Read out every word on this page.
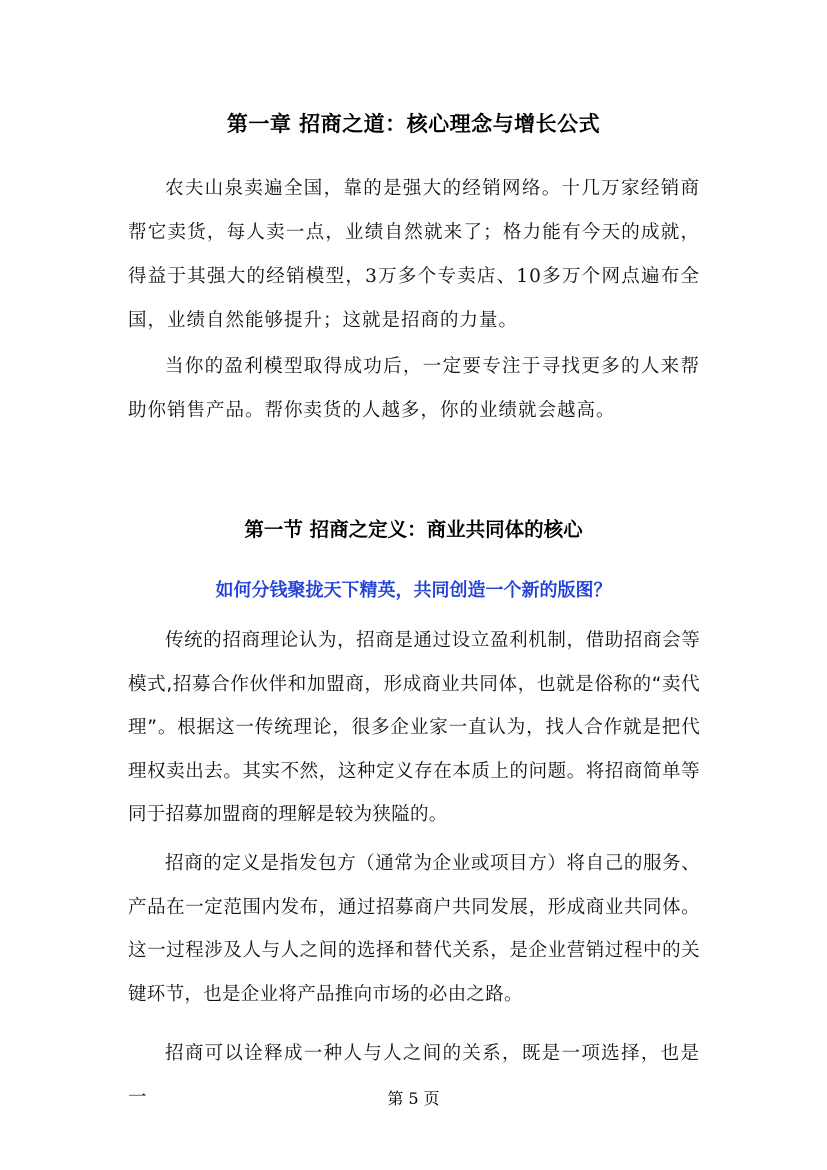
第一章 招商之道：核心理念与增长公式

农夫山泉卖遍全国，靠的是强大的经销网络。十几万家经销商帮它卖货，每人卖一点，业绩自然就来了；格力能有今天的成就，得益于其强大的经销模型，3万多个专卖店、10多万个网点遍布全国，业绩自然能够提升；这就是招商的力量。

当你的盈利模型取得成功后，一定要专注于寻找更多的人来帮助你销售产品。帮你卖货的人越多，你的业绩就会越高。

第一节 招商之定义：商业共同体的核心
如何分钱聚拢天下精英，共同创造一个新的版图？

传统的招商理论认为，招商是通过设立盈利机制，借助招商会等模式,招募合作伙伴和加盟商，形成商业共同体，也就是俗称的“卖代理”。根据这一传统理论，很多企业家一直认为，找人合作就是把代理权卖出去。其实不然，这种定义存在本质上的问题。将招商简单等同于招募加盟商的理解是较为狭隘的。

招商的定义是指发包方（通常为企业或项目方）将自己的服务、产品在一定范围内发布，通过招募商户共同发展，形成商业共同体。这一过程涉及人与人之间的选择和替代关系，是企业营销过程中的关键环节，也是企业将产品推向市场的必由之路。

招商可以诠释成一种人与人之间的关系，既是一项选择，也是一	第 5 页
